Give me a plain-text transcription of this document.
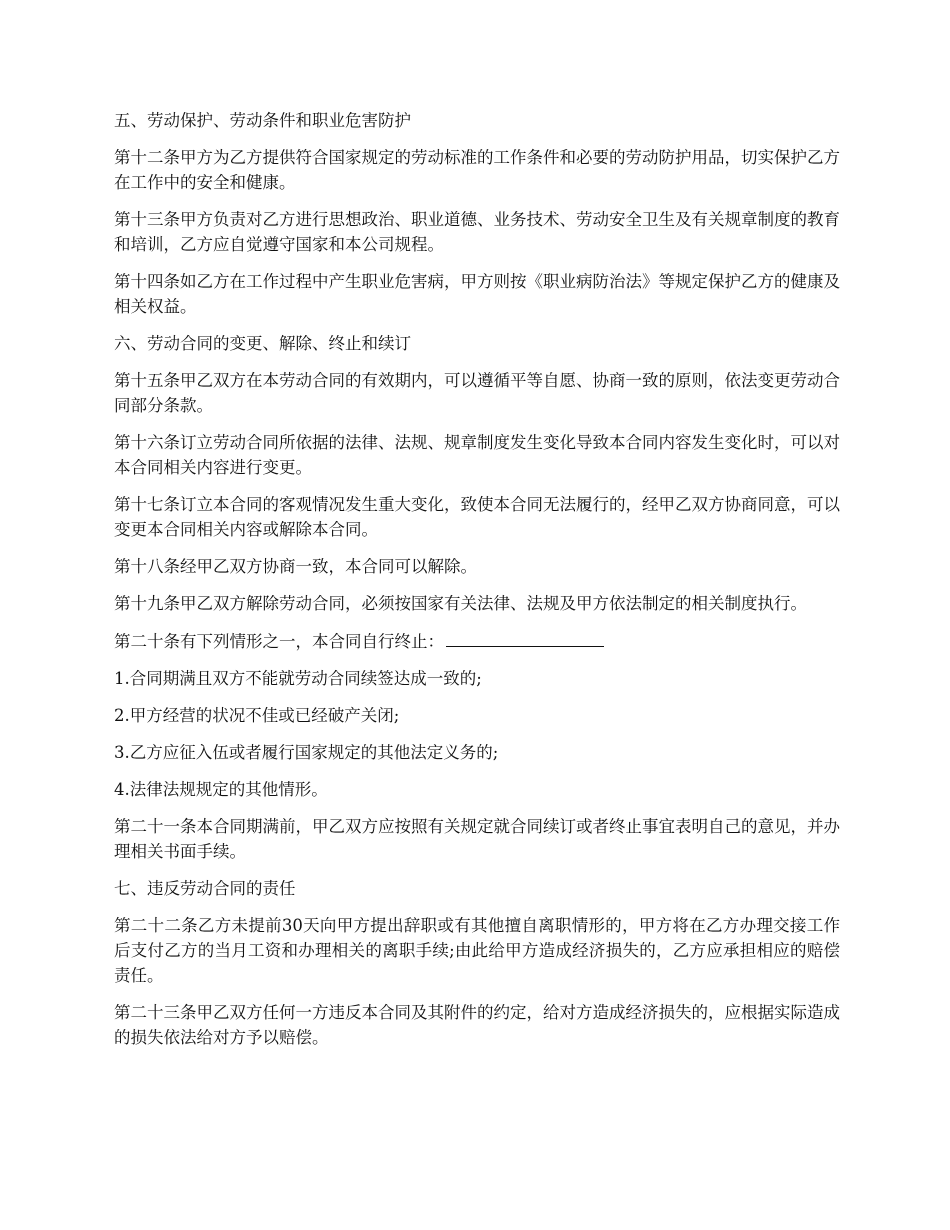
五、劳动保护、劳动条件和职业危害防护

第十二条甲方为乙方提供符合国家规定的劳动标准的工作条件和必要的劳动防护用品，切实保护乙方在工作中的安全和健康。

第十三条甲方负责对乙方进行思想政治、职业道德、业务技术、劳动安全卫生及有关规章制度的教育和培训，乙方应自觉遵守国家和本公司规程。

第十四条如乙方在工作过程中产生职业危害病，甲方则按《职业病防治法》等规定保护乙方的健康及相关权益。

六、劳动合同的变更、解除、终止和续订

第十五条甲乙双方在本劳动合同的有效期内，可以遵循平等自愿、协商一致的原则，依法变更劳动合同部分条款。

第十六条订立劳动合同所依据的法律、法规、规章制度发生变化导致本合同内容发生变化时，可以对本合同相关内容进行变更。

第十七条订立本合同的客观情况发生重大变化，致使本合同无法履行的，经甲乙双方协商同意，可以变更本合同相关内容或解除本合同。

第十八条经甲乙双方协商一致，本合同可以解除。

第十九条甲乙双方解除劳动合同，必须按国家有关法律、法规及甲方依法制定的相关制度执行。

第二十条有下列情形之一，本合同自行终止：

1.合同期满且双方不能就劳动合同续签达成一致的;

2.甲方经营的状况不佳或已经破产关闭;

3.乙方应征入伍或者履行国家规定的其他法定义务的;

4.法律法规规定的其他情形。

第二十一条本合同期满前，甲乙双方应按照有关规定就合同续订或者终止事宜表明自己的意见，并办理相关书面手续。

七、违反劳动合同的责任

第二十二条乙方未提前30天向甲方提出辞职或有其他擅自离职情形的，甲方将在乙方办理交接工作后支付乙方的当月工资和办理相关的离职手续;由此给甲方造成经济损失的，乙方应承担相应的赔偿责任。

第二十三条甲乙双方任何一方违反本合同及其附件的约定，给对方造成经济损失的，应根据实际造成的损失依法给对方予以赔偿。
